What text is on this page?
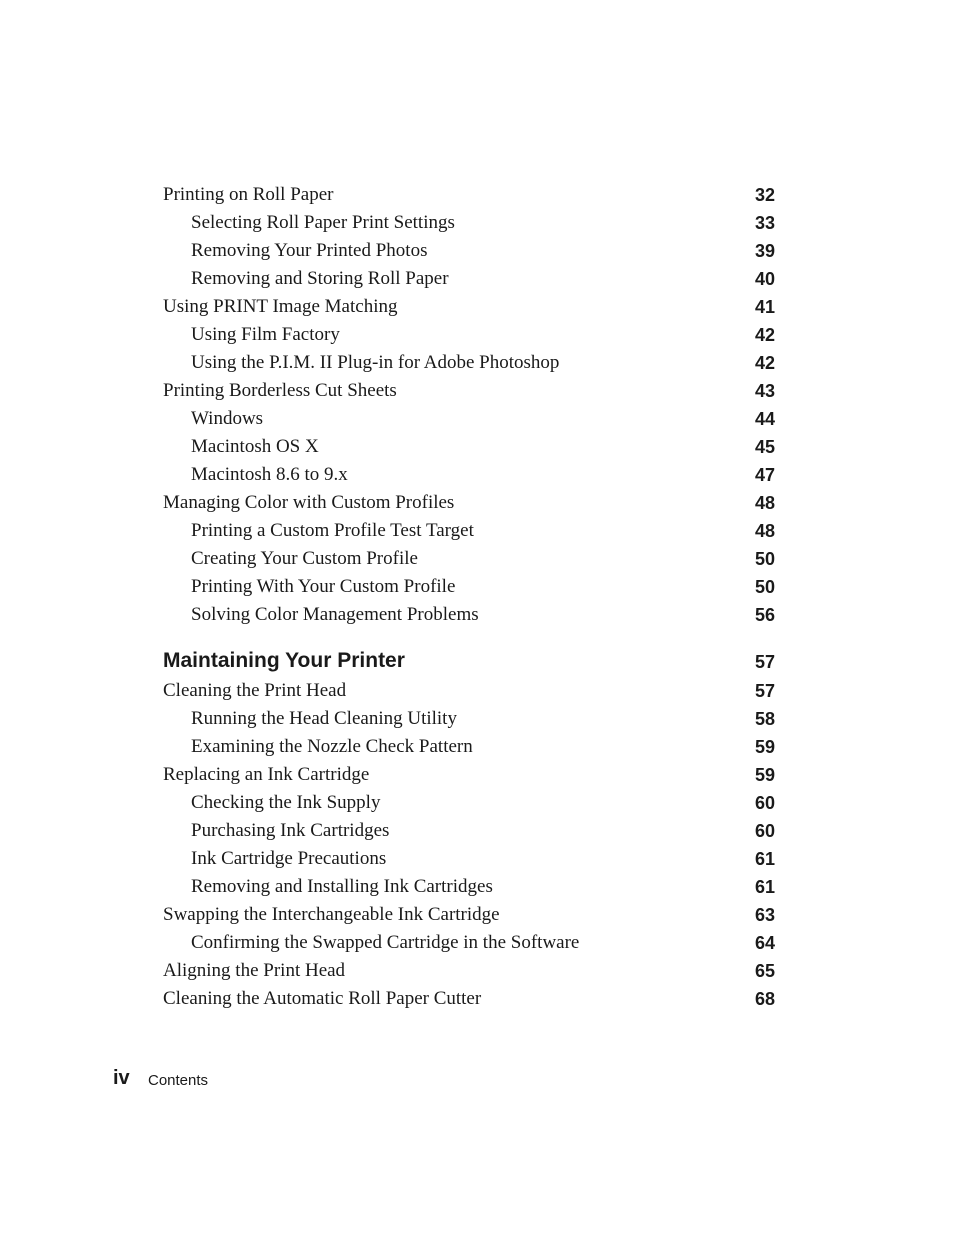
Printing on Roll Paper	32
Selecting Roll Paper Print Settings	33
Removing Your Printed Photos	39
Removing and Storing Roll Paper	40
Using PRINT Image Matching	41
Using Film Factory	42
Using the P.I.M. II Plug-in for Adobe Photoshop	42
Printing Borderless Cut Sheets	43
Windows	44
Macintosh OS X	45
Macintosh 8.6 to 9.x	47
Managing Color with Custom Profiles	48
Printing a Custom Profile Test Target	48
Creating Your Custom Profile	50
Printing With Your Custom Profile	50
Solving Color Management Problems	56
Maintaining Your Printer	57
Cleaning the Print Head	57
Running the Head Cleaning Utility	58
Examining the Nozzle Check Pattern	59
Replacing an Ink Cartridge	59
Checking the Ink Supply	60
Purchasing Ink Cartridges	60
Ink Cartridge Precautions	61
Removing and Installing Ink Cartridges	61
Swapping the Interchangeable Ink Cartridge	63
Confirming the Swapped Cartridge in the Software	64
Aligning the Print Head	65
Cleaning the Automatic Roll Paper Cutter	68
iv Contents
